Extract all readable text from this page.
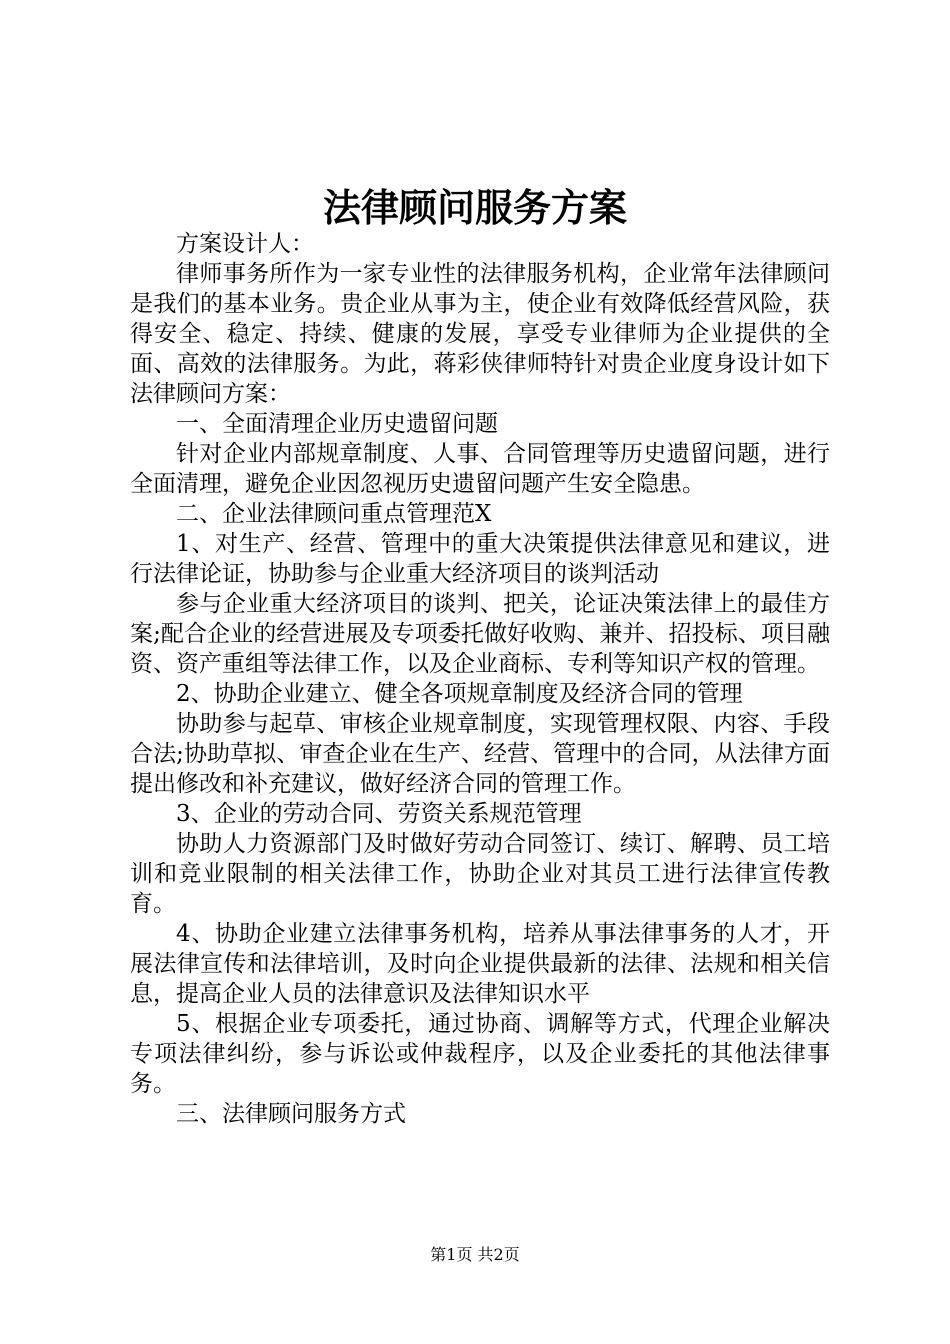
法律顾问服务方案

方案设计人：

律师事务所作为一家专业性的法律服务机构，企业常年法律顾问是我们的基本业务。贵企业从事为主，使企业有效降低经营风险，获得安全、稳定、持续、健康的发展，享受专业律师为企业提供的全面、高效的法律服务。为此，蒋彩侠律师特针对贵企业度身设计如下法律顾问方案：

一、全面清理企业历史遗留问题

针对企业内部规章制度、人事、合同管理等历史遗留问题，进行全面清理，避免企业因忽视历史遗留问题产生安全隐患。

二、企业法律顾问重点管理范X

1、对生产、经营、管理中的重大决策提供法律意见和建议，进行法律论证，协助参与企业重大经济项目的谈判活动

参与企业重大经济项目的谈判、把关，论证决策法律上的最佳方案;配合企业的经营进展及专项委托做好收购、兼并、招投标、项目融资、资产重组等法律工作，以及企业商标、专利等知识产权的管理。

2、协助企业建立、健全各项规章制度及经济合同的管理

协助参与起草、审核企业规章制度，实现管理权限、内容、手段合法;协助草拟、审查企业在生产、经营、管理中的合同，从法律方面提出修改和补充建议，做好经济合同的管理工作。

3、企业的劳动合同、劳资关系规范管理

协助人力资源部门及时做好劳动合同签订、续订、解聘、员工培训和竞业限制的相关法律工作，协助企业对其员工进行法律宣传教育。

4、协助企业建立法律事务机构，培养从事法律事务的人才，开展法律宣传和法律培训，及时向企业提供最新的法律、法规和相关信息，提高企业人员的法律意识及法律知识水平

5、根据企业专项委托，通过协商、调解等方式，代理企业解决专项法律纠纷，参与诉讼或仲裁程序，以及企业委托的其他法律事务。

三、法律顾问服务方式

第1页 共2页
